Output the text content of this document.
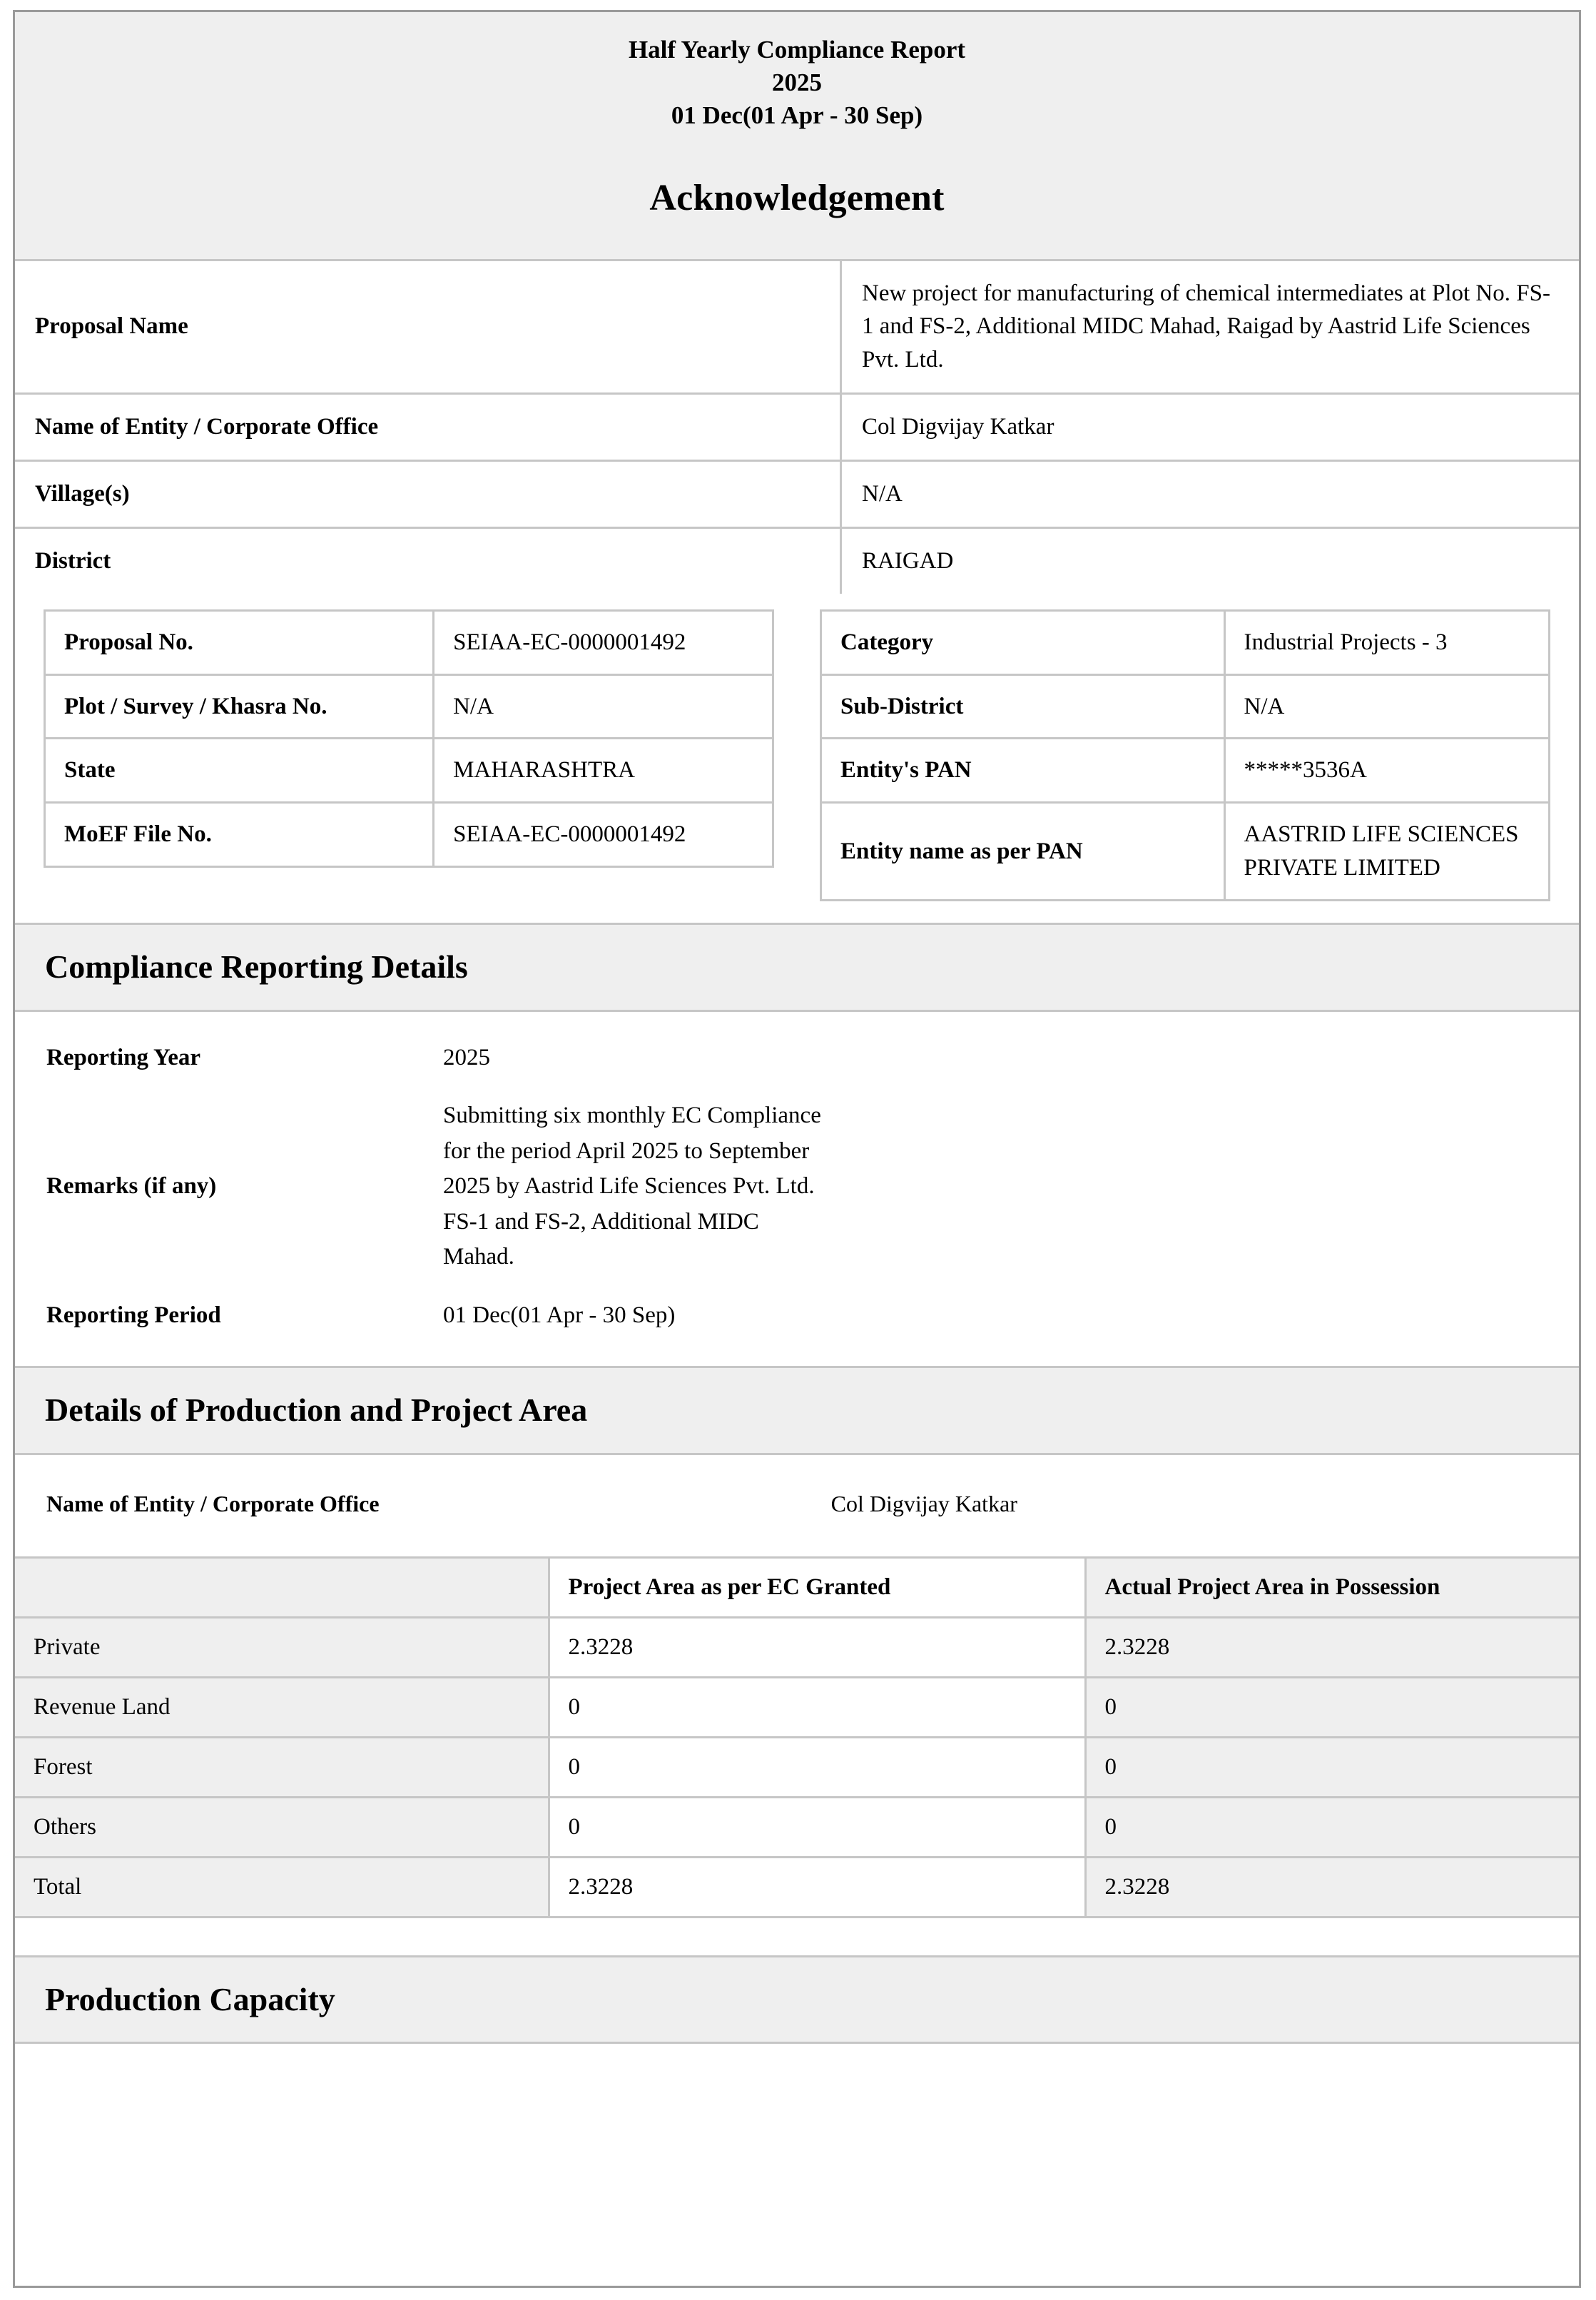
Half Yearly Compliance Report
2025
01 Dec(01 Apr - 30 Sep)
Acknowledgement
Proposal Name	New project for manufacturing of chemical intermediates at Plot No. FS-1 and FS-2, Additional MIDC Mahad, Raigad by Aastrid Life Sciences Pvt. Ltd.
Name of Entity / Corporate Office	Col Digvijay Katkar
Village(s)	N/A
District	RAIGAD
Proposal No.	SEIAA-EC-0000001492
Plot / Survey / Khasra No.	N/A
State	MAHARASHTRA
MoEF File No.	SEIAA-EC-0000001492
Category	Industrial Projects - 3
Sub-District	N/A
Entity's PAN	*****3536A
Entity name as per PAN	AASTRID LIFE SCIENCES PRIVATE LIMITED
Compliance Reporting Details
Reporting Year	2025	
Remarks (if any)	Submitting six monthly EC Compliance for the period April 2025 to September 2025 by Aastrid Life Sciences Pvt. Ltd. FS-1 and FS-2, Additional MIDC Mahad.	
Reporting Period	01 Dec(01 Apr - 30 Sep)	
Details of Production and Project Area
Name of Entity / Corporate Office	Col Digvijay Katkar
	Project Area as per EC Granted	Actual Project Area in Possession
Private	2.3228	2.3228
Revenue Land	0	0
Forest	0	0
Others	0	0
Total	2.3228	2.3228
Production Capacity
